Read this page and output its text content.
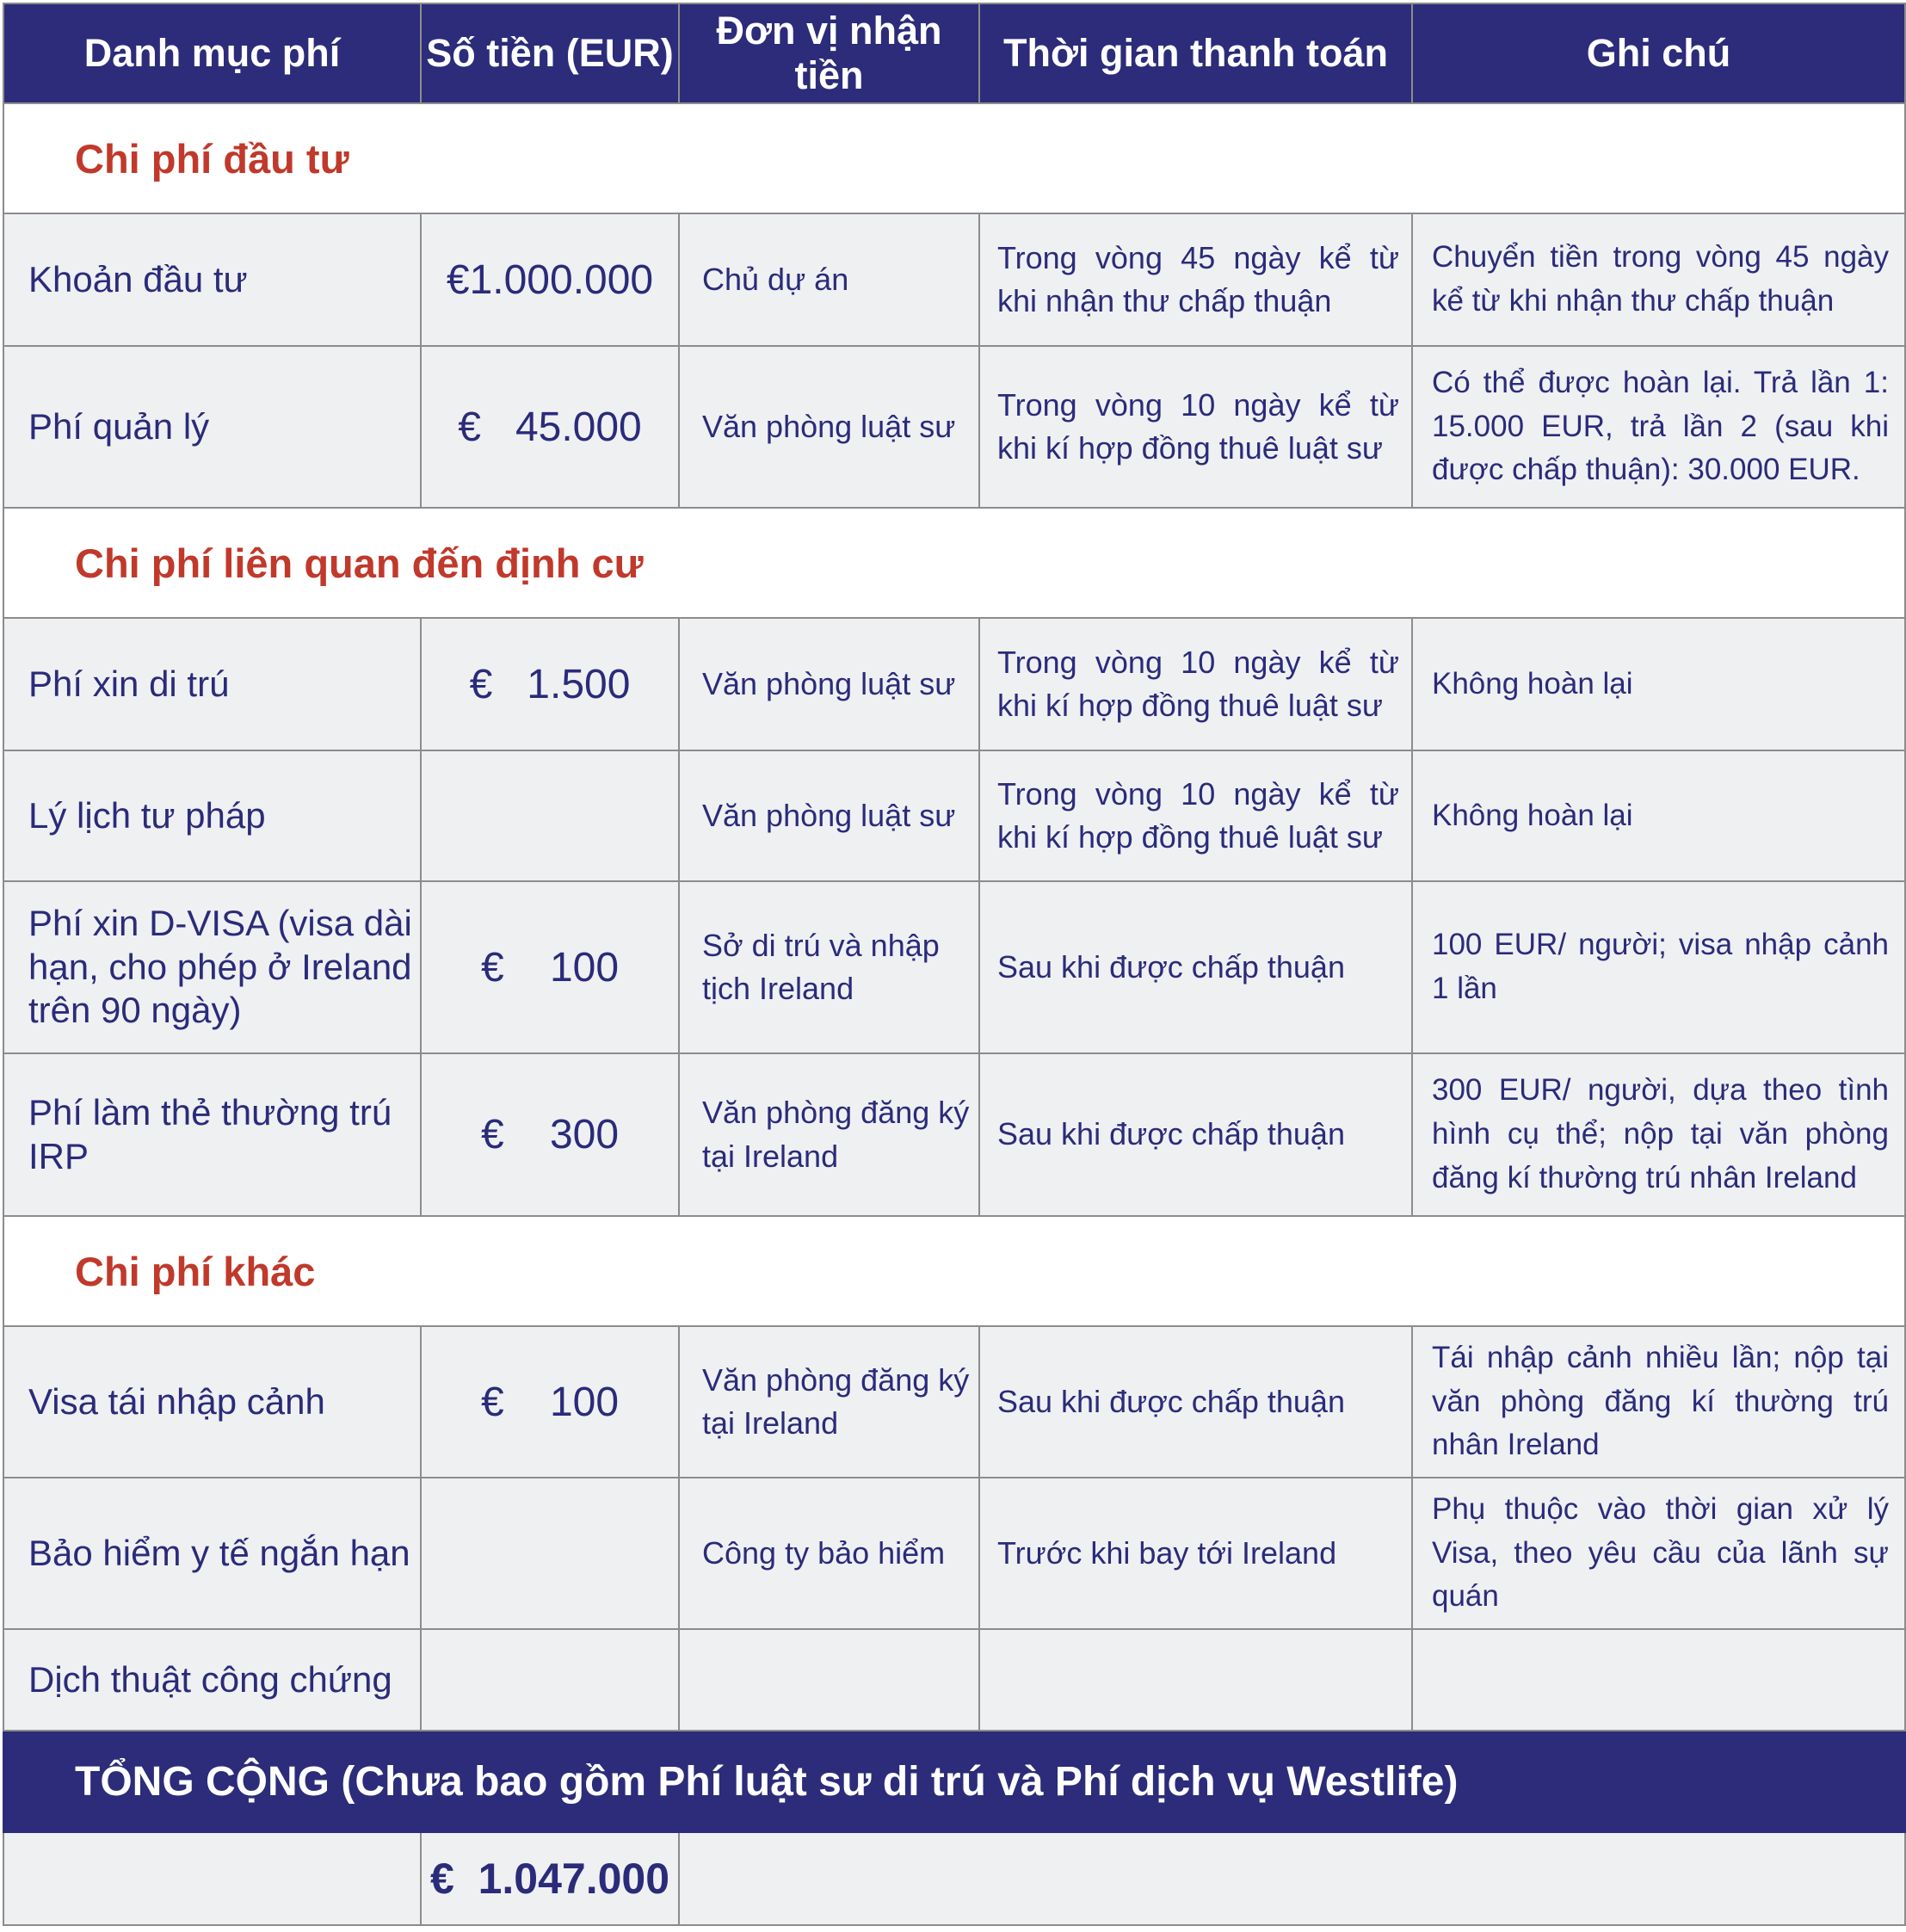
Danh mục phí	Số tiền (EUR)	Đơn vị nhận tiền	Thời gian thanh toán	Ghi chú
Chi phí đầu tư				
Khoản đầu tư	€1.000.000	Chủ dự án	Trong vòng 45 ngày kể từ khi nhận thư chấp thuận	Chuyển tiền trong vòng 45 ngày kể từ khi nhận thư chấp thuận
Phí quản lý	€   45.000	Văn phòng luật sư	Trong vòng 10 ngày kể từ khi kí hợp đồng thuê luật sư	Có thể được hoàn lại. Trả lần 1: 15.000 EUR, trả lần 2 (sau khi được chấp thuận): 30.000 EUR.
Chi phí liên quan đến định cư				
Phí xin di trú	€   1.500	Văn phòng luật sư	Trong vòng 10 ngày kể từ khi kí hợp đồng thuê luật sư	Không hoàn lại
Lý lịch tư pháp		Văn phòng luật sư	Trong vòng 10 ngày kể từ khi kí hợp đồng thuê luật sư	Không hoàn lại
Phí xin D-VISA (visa dài hạn, cho phép ở Ireland trên 90 ngày)	€    100	Sở di trú và nhập tịch Ireland	Sau khi được chấp thuận	100 EUR/ người; visa nhập cảnh 1 lần
Phí làm thẻ thường trú IRP	€    300	Văn phòng đăng ký tại Ireland	Sau khi được chấp thuận	300 EUR/ người, dựa theo tình hình cụ thể; nộp tại văn phòng đăng kí thường trú nhân Ireland
Chi phí khác				
Visa tái nhập cảnh	€    100	Văn phòng đăng ký tại Ireland	Sau khi được chấp thuận	Tái nhập cảnh nhiều lần; nộp tại văn phòng đăng kí thường trú nhân Ireland
Bảo hiểm y tế ngắn hạn		Công ty bảo hiểm	Trước khi bay tới Ireland	Phụ thuộc vào thời gian xử lý Visa, theo yêu cầu của lãnh sự quán
Dịch thuật công chứng				
TỔNG CỘNG (Chưa bao gồm Phí luật sư di trú và Phí dịch vụ Westlife)				
	€  1.047.000			
